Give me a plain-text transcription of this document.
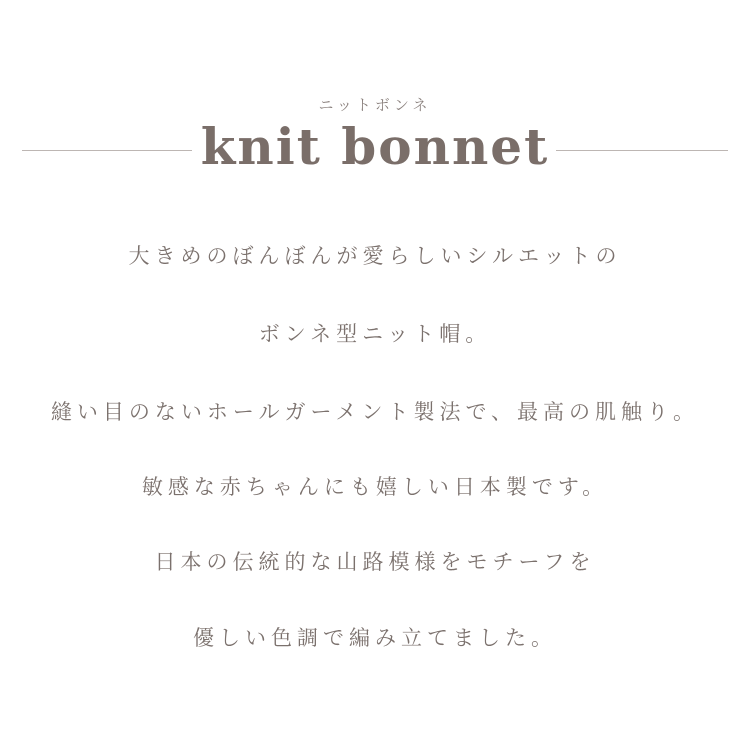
ニットボンネ
knit bonnet
大きめのぼんぼんが愛らしいシルエットの
ボンネ型ニット帽。
縫い目のないホールガーメント製法で、最高の肌触り。
敏感な赤ちゃんにも嬉しい日本製です。
日本の伝統的な山路模様をモチーフを
優しい色調で編み立てました。
